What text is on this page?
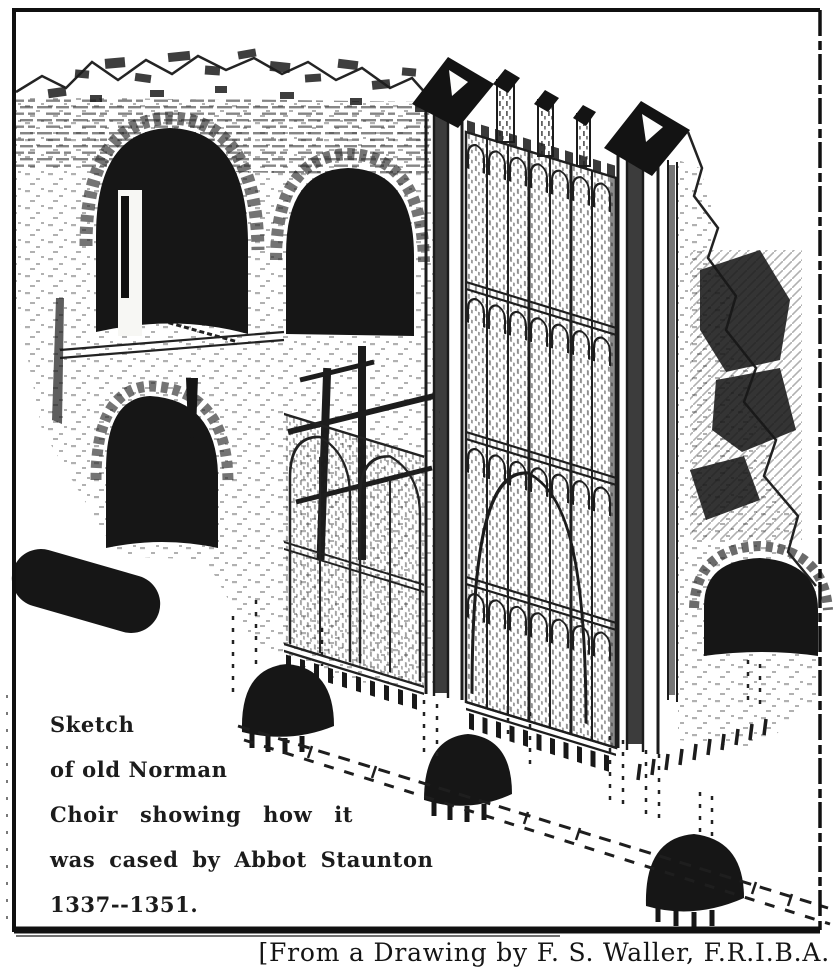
Sketch
of old Norman
Choir showing how it
was cased by Abbot Staunton
1337--1351.
[From a Drawing by F. S. Waller, F.R.I.B.A.
